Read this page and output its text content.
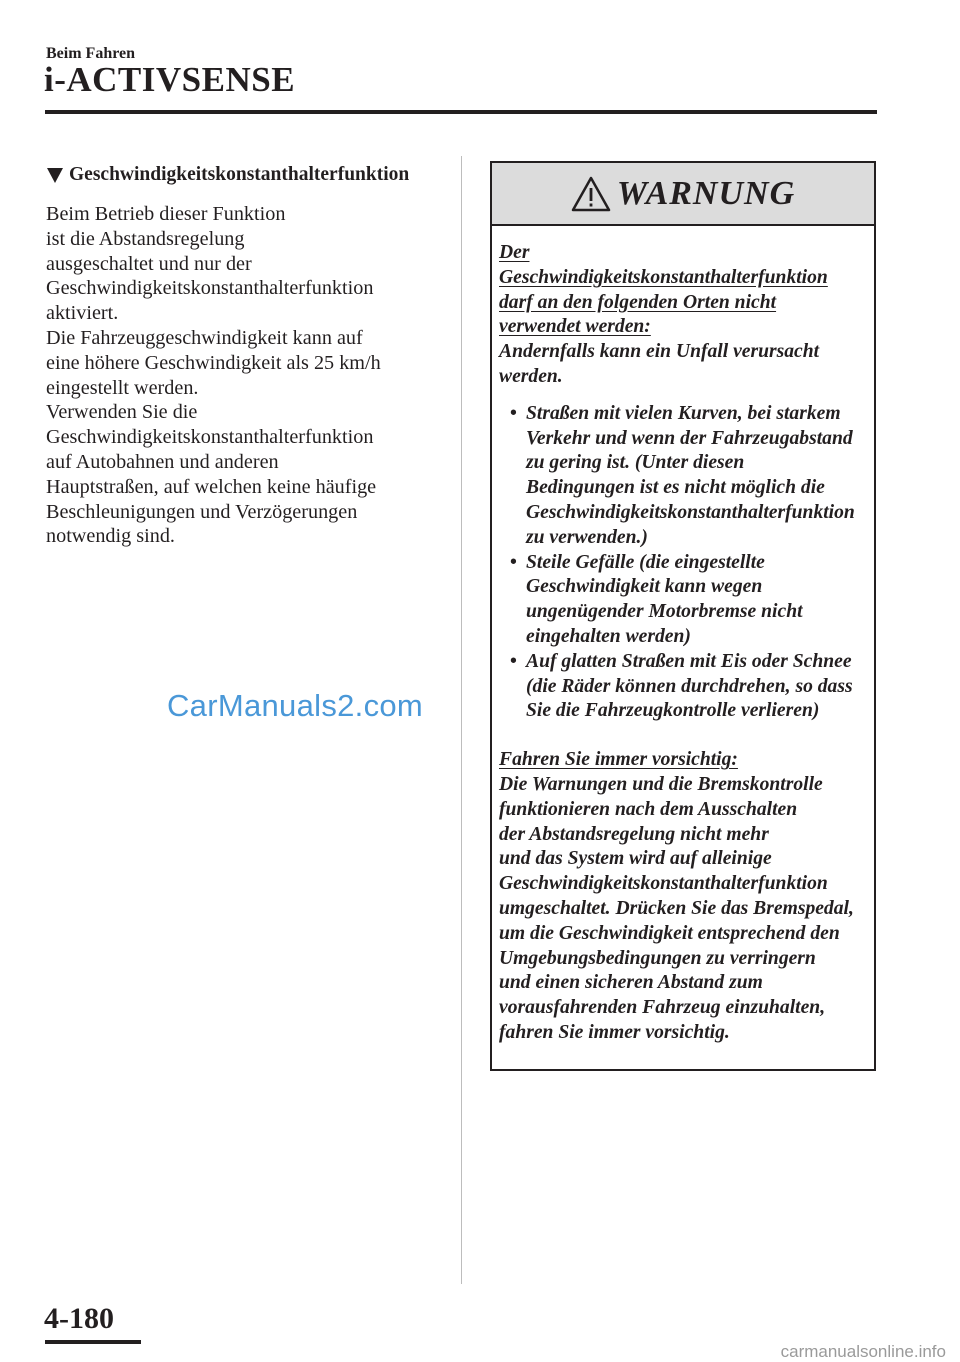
Beim Fahren
i-ACTIVSENSE
Geschwindigkeitskonstanthalterfunktion

Beim Betrieb dieser Funktion

ist die Abstandsregelung

ausgeschaltet und nur der

Geschwindigkeitskonstanthalterfunktion

aktiviert.

Die Fahrzeuggeschwindigkeit kann auf

eine höhere Geschwindigkeit als 25 km/h

eingestellt werden.

Verwenden Sie die

Geschwindigkeitskonstanthalterfunktion

auf Autobahnen und anderen

Hauptstraßen, auf welchen keine häufige

Beschleunigungen und Verzögerungen

notwendig sind.

CarManuals2.com
WARNUNG

Der

Geschwindigkeitskonstanthalterfunktion

darf an den folgenden Orten nicht

verwendet werden:

Andernfalls kann ein Unfall verursacht

werden.

• Straßen mit vielen Kurven, bei starkem
Verkehr und wenn der Fahrzeugabstand
zu gering ist. (Unter diesen
Bedingungen ist es nicht möglich die
Geschwindigkeitskonstanthalterfunktion
zu verwenden.)
• Steile Gefälle (die eingestellte
Geschwindigkeit kann wegen
ungenügender Motorbremse nicht
eingehalten werden)
• Auf glatten Straßen mit Eis oder Schnee
(die Räder können durchdrehen, so dass
Sie die Fahrzeugkontrolle verlieren)

Fahren Sie immer vorsichtig:

Die Warnungen und die Bremskontrolle

funktionieren nach dem Ausschalten

der Abstandsregelung nicht mehr

und das System wird auf alleinige

Geschwindigkeitskonstanthalterfunktion

umgeschaltet. Drücken Sie das Bremspedal,

um die Geschwindigkeit entsprechend den

Umgebungsbedingungen zu verringern

und einen sicheren Abstand zum

vorausfahrenden Fahrzeug einzuhalten,

fahren Sie immer vorsichtig.

4-180
carmanualsonline.info
